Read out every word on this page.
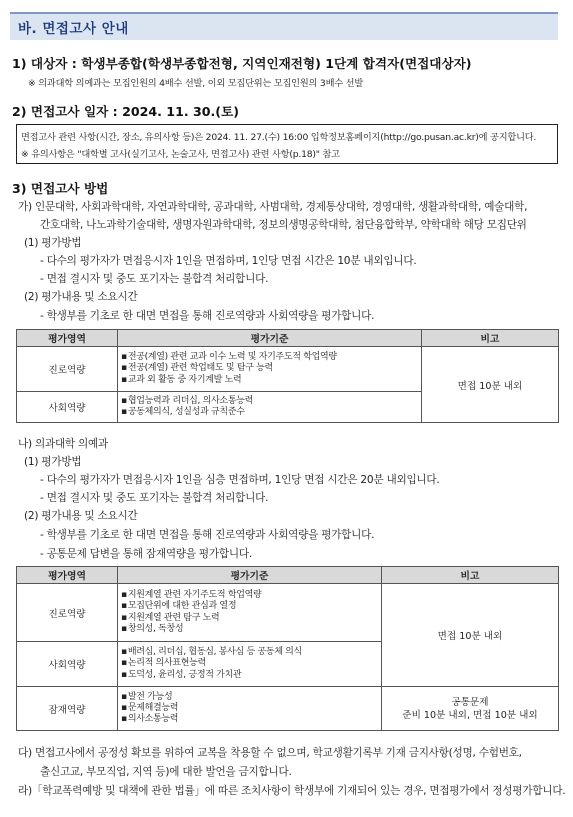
바. 면접고사 안내
1) 대상자 : 학생부종합(학생부종합전형, 지역인재전형) 1단계 합격자(면접대상자)
※ 의과대학 의예과는 모집인원의 4배수 선발, 이외 모집단위는 모집인원의 3배수 선발
2) 면접고사 일자 : 2024. 11. 30.(토)
면접고사 관련 사항(시간, 장소, 유의사항 등)은 2024. 11. 27.(수) 16:00 입학정보홈페이지(http://go.pusan.ac.kr)에 공지합니다.
※ 유의사항은 "대학별 고사(실기고사, 논술고사, 면접고사) 관련 사항(p.18)" 참고
3) 면접고사 방법
가) 인문대학, 사회과학대학, 자연과학대학, 공과대학, 사범대학, 경제통상대학, 경영대학, 생활과학대학, 예술대학,
간호대학, 나노과학기술대학, 생명자원과학대학, 정보의생명공학대학, 첨단융합학부, 약학대학 해당 모집단위
(1) 평가방법
- 다수의 평가자가 면접응시자 1인을 면접하며, 1인당 면접 시간은 10분 내외입니다.
- 면접 결시자 및 중도 포기자는 불합격 처리합니다.
(2) 평가내용 및 소요시간
- 학생부를 기초로 한 대면 면접을 통해 진로역량과 사회역량을 평가합니다.
평가영역	평가기준	비고
진로역량	▪ 전공(계열) 관련 교과 이수 노력 및 자기주도적 학업역량
▪ 전공(계열) 관련 학업태도 및 탐구 능력
▪ 교과 외 활동 중 자기계발 노력	면접 10분 내외
사회역량	▪ 협업능력과 리더십, 의사소통능력
▪ 공동체의식, 성실성과 규칙준수
나) 의과대학 의예과
(1) 평가방법
- 다수의 평가자가 면접응시자 1인을 심층 면접하며, 1인당 면접 시간은 20분 내외입니다.
- 면접 결시자 및 중도 포기자는 불합격 처리합니다.
(2) 평가내용 및 소요시간
- 학생부를 기초로 한 대면 면접을 통해 진로역량과 사회역량을 평가합니다.
- 공통문제 답변을 통해 잠재역량을 평가합니다.
평가영역	평가기준	비고
진로역량	▪ 지원계열 관련 자기주도적 학업역량
▪ 모집단위에 대한 관심과 열정
▪ 지원계열 관련 탐구 노력
▪ 창의성, 독창성	면접 10분 내외
사회역량	▪ 배려심, 리더십, 협동심, 봉사심 등 공동체 의식
▪ 논리적 의사표현능력
▪ 도덕성, 윤리성, 긍정적 가치관

잠재역량	▪ 발전 가능성
▪ 문제해결능력
▪ 의사소통능력	공통문제
준비 10분 내외, 면접 10분 내외
다) 면접고사에서 공정성 확보를 위하여 교복을 착용할 수 없으며, 학교생활기록부 기재 금지사항(성명, 수험번호,
출신고교, 부모직업, 지역 등)에 대한 발언을 금지합니다.
라)「학교폭력예방 및 대책에 관한 법률」에 따른 조치사항이 학생부에 기재되어 있는 경우, 면접평가에서 정성평가합니다.
